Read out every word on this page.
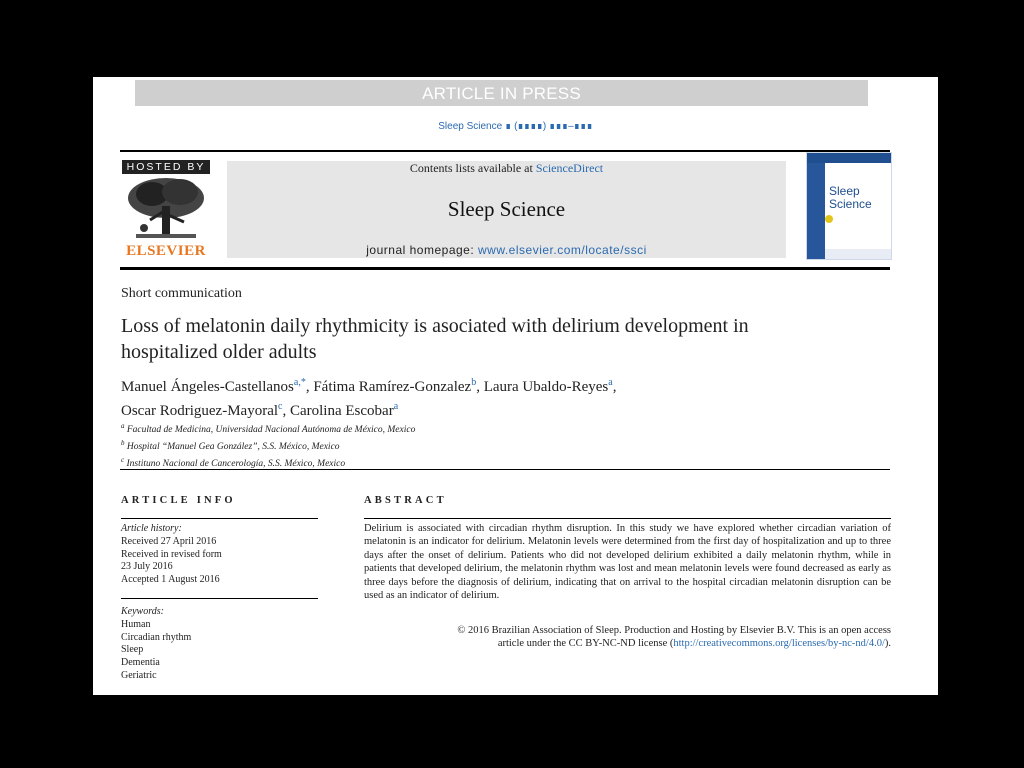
ARTICLE IN PRESS
Sleep Science ∎ (∎∎∎∎) ∎∎∎–∎∎∎
HOSTED BY
ELSEVIER
Contents lists available at ScienceDirect
Sleep Science
journal homepage: www.elsevier.com/locate/ssci
Sleep
Science
Short communication
Loss of melatonin daily rhythmicity is asociated with delirium development in hospitalized older adults
Manuel Ángeles-Castellanos$^{a,*}$, Fátima Ramírez-Gonzalez$^b$, Laura Ubaldo-Reyes$^a$,
Oscar Rodriguez-Mayoral$^c$, Carolina Escobar$^a$
$^a$ Facultad de Medicina, Universidad Nacional Autónoma de México, Mexico
$^b$ Hospital “Manuel Gea González”, S.S. México, Mexico
$^c$ Instituno Nacional de Cancerología, S.S. México, Mexico
ARTICLE INFO	ABSTRACT
Article history:
Received 27 April 2016
Received in revised form
23 July 2016
Accepted 1 August 2016
Keywords:
Human
Circadian rhythm
Sleep
Dementia
Geriatric
Delirium is associated with circadian rhythm disruption. In this study we have explored whether circadian variation of melatonin is an indicator for delirium. Melatonin levels were determined from the first day of hospitalization and up to three days after the onset of delirium. Patients who did not developed delirium exhibited a daily melatonin rhythm, while in patients that developed delirium, the melatonin rhythm was lost and mean melatonin levels were found decreased as early as three days before the diagnosis of delirium, indicating that on arrival to the hospital circadian melatonin disruption can be used as an indicator of delirium.
© 2016 Brazilian Association of Sleep. Production and Hosting by Elsevier B.V. This is an open access
article under the CC BY-NC-ND license (http://creativecommons.org/licenses/by-nc-nd/4.0/).
